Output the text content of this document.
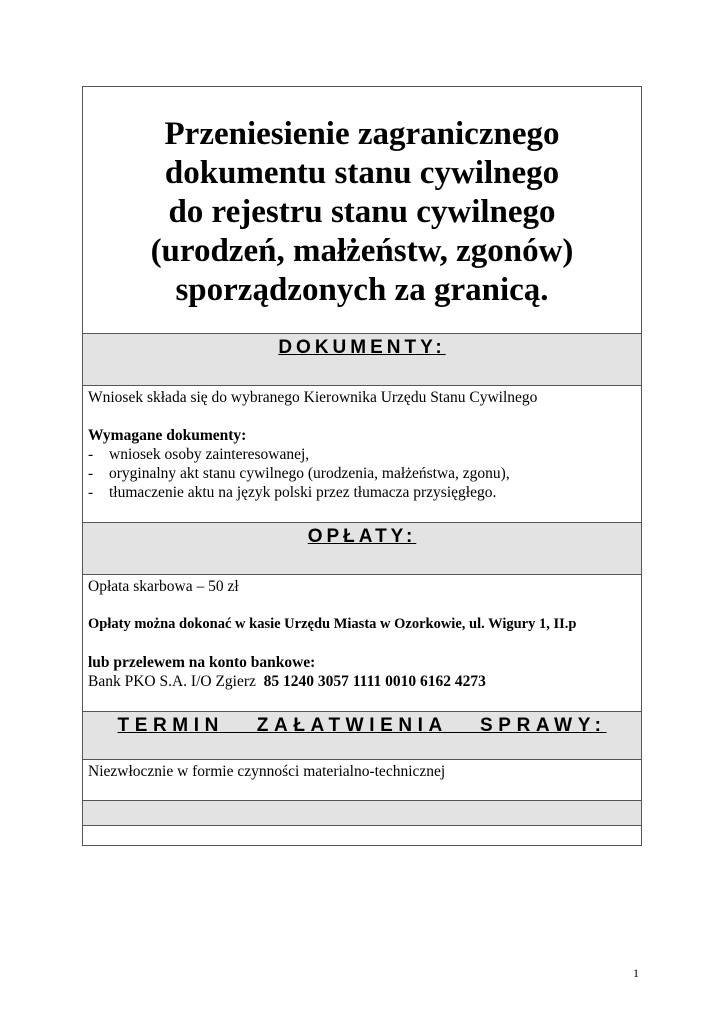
Przeniesienie zagranicznego
dokumentu stanu cywilnego
do rejestru stanu cywilnego
(urodzeń, małżeństw, zgonów)
sporządzonych za granicą.
DOKUMENTY:

Wniosek składa się do wybranego Kierownika Urzędu Stanu Cywilnego

Wymagane dokumenty:

- wniosek osoby zainteresowanej,
- oryginalny akt stanu cywilnego (urodzenia, małżeństwa, zgonu),
- tłumaczenie aktu na język polski przez tłumacza przysięgłego.
OPŁATY:

Opłata skarbowa – 50 zł

Opłaty można dokonać w kasie Urzędu Miasta w Ozorkowie, ul. Wigury 1, II.p

lub przelewem na konto bankowe:

Bank PKO S.A. I/O Zgierz 85 1240 3057 1111 0010 6162 4273

TERMIN ZAŁATWIENIA SPRAWY:

Niezwłocznie w formie czynności materialno-technicznej

1
